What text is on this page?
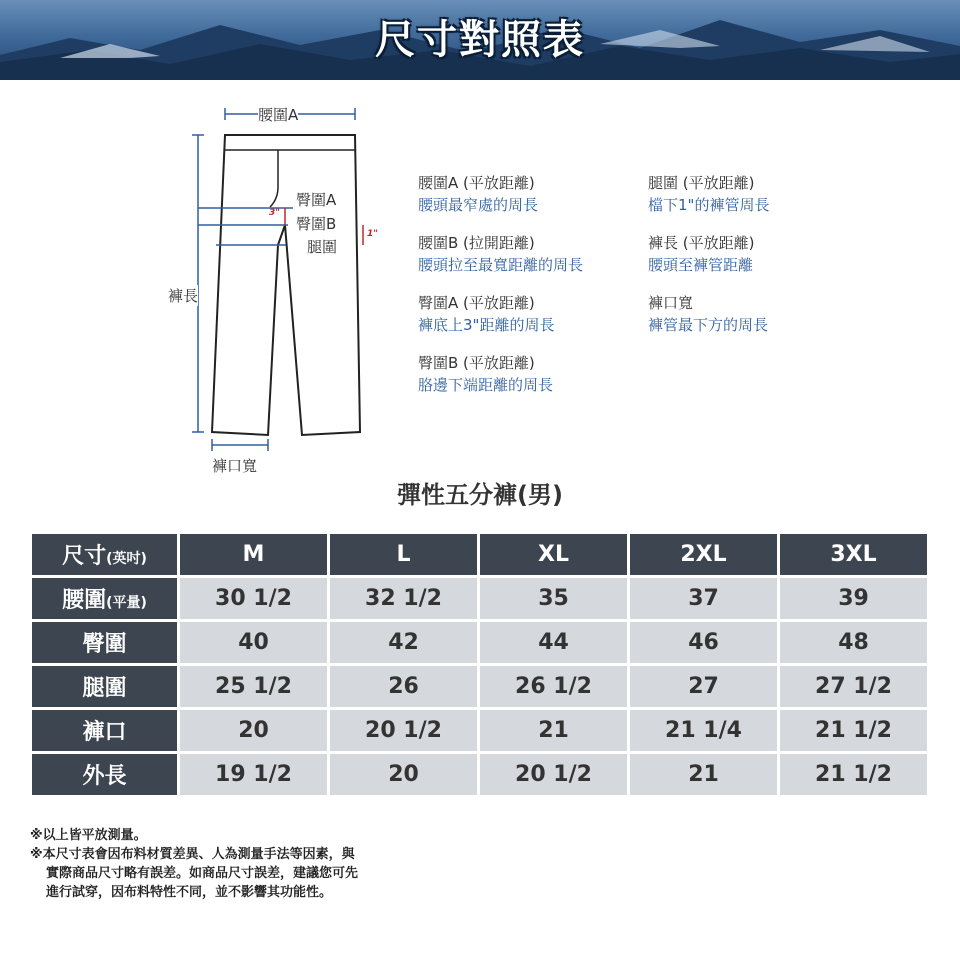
尺寸對照表
腰圍A
臀圍A
臀圍B
腿圍
褲長
褲口寬
3"
1"
腰圍A (平放距離)
腰頭最窄處的周長
腰圍B (拉開距離)
腰頭拉至最寬距離的周長
臀圍A (平放距離)
褲底上3"距離的周長
臀圍B (平放距離)
胳邊下端距離的周長
腿圍 (平放距離)
檔下1"的褲管周長
褲長 (平放距離)
腰頭至褲管距離
褲口寬
褲管最下方的周長
彈性五分褲(男)
尺寸(英吋)	M	L	XL	2XL	3XL
腰圍(平量)	30 1/2	32 1/2	35	37	39
臀圍	40	42	44	46	48
腿圍	25 1/2	26	26 1/2	27	27 1/2
褲口	20	20 1/2	21	21 1/4	21 1/2
外長	19 1/2	20	20 1/2	21	21 1/2
※以上皆平放測量。
※本尺寸表會因布料材質差異、人為測量手法等因素，與
實際商品尺寸略有誤差。如商品尺寸誤差，建議您可先
進行試穿，因布料特性不同，並不影響其功能性。
